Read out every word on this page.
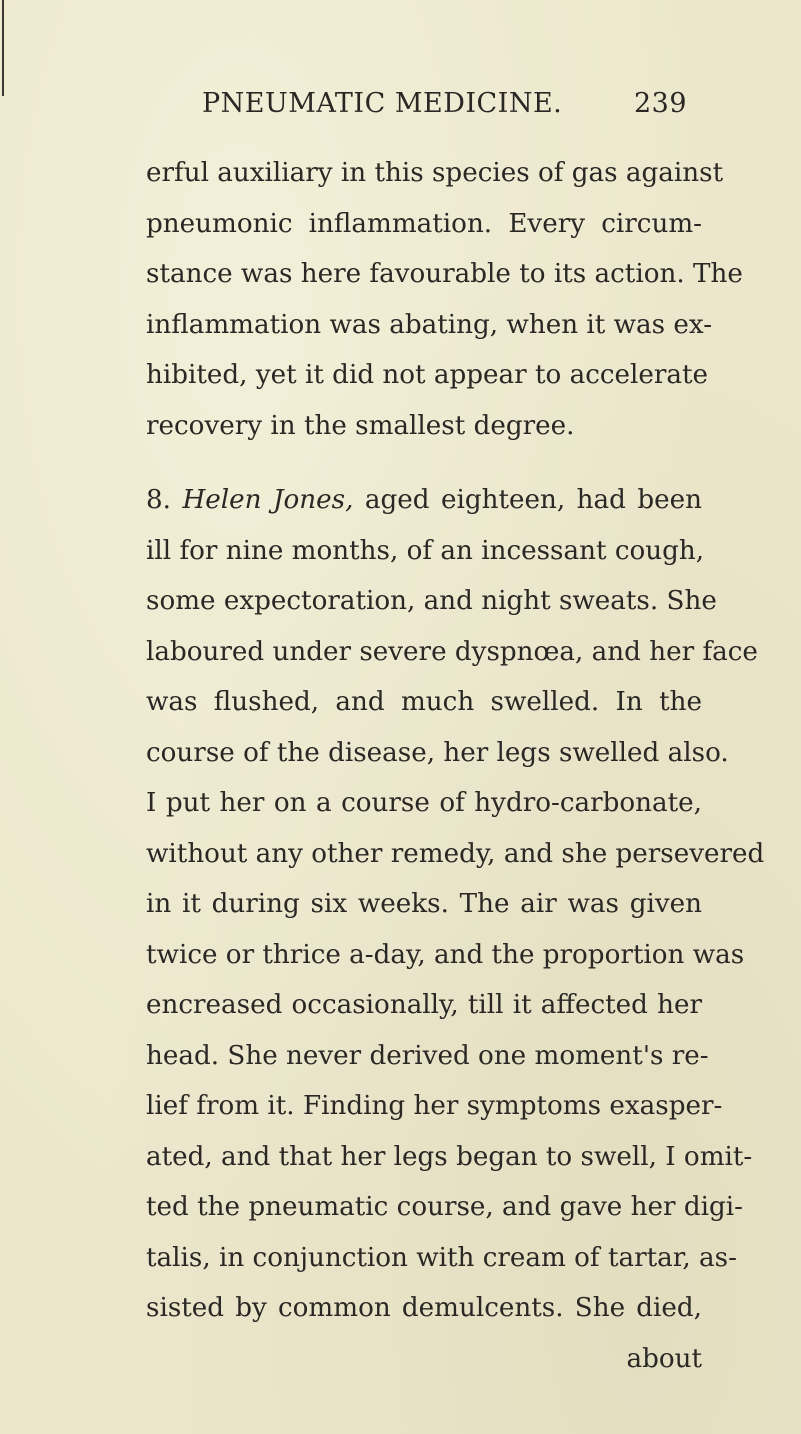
PNEUMATIC MEDICINE.	239
erful auxiliary in this species of gas against
pneumonic inflammation. Every circum-
stance was here favourable to its action. The
inflammation was abating, when it was ex-
hibited, yet it did not appear to accelerate
recovery in the smallest degree.
8. Helen Jones, aged eighteen, had been
ill for nine months, of an incessant cough,
some expectoration, and night sweats. She
laboured under severe dyspnœa, and her face
was flushed, and much swelled. In the
course of the disease, her legs swelled also.
I put her on a course of hydro-carbonate,
without any other remedy, and she persevered
in it during six weeks. The air was given
twice or thrice a-day, and the proportion was
encreased occasionally, till it affected her
head. She never derived one moment's re-
lief from it. Finding her symptoms exasper-
ated, and that her legs began to swell, I omit-
ted the pneumatic course, and gave her digi-
talis, in conjunction with cream of tartar, as-
sisted by common demulcents. She died,
about
